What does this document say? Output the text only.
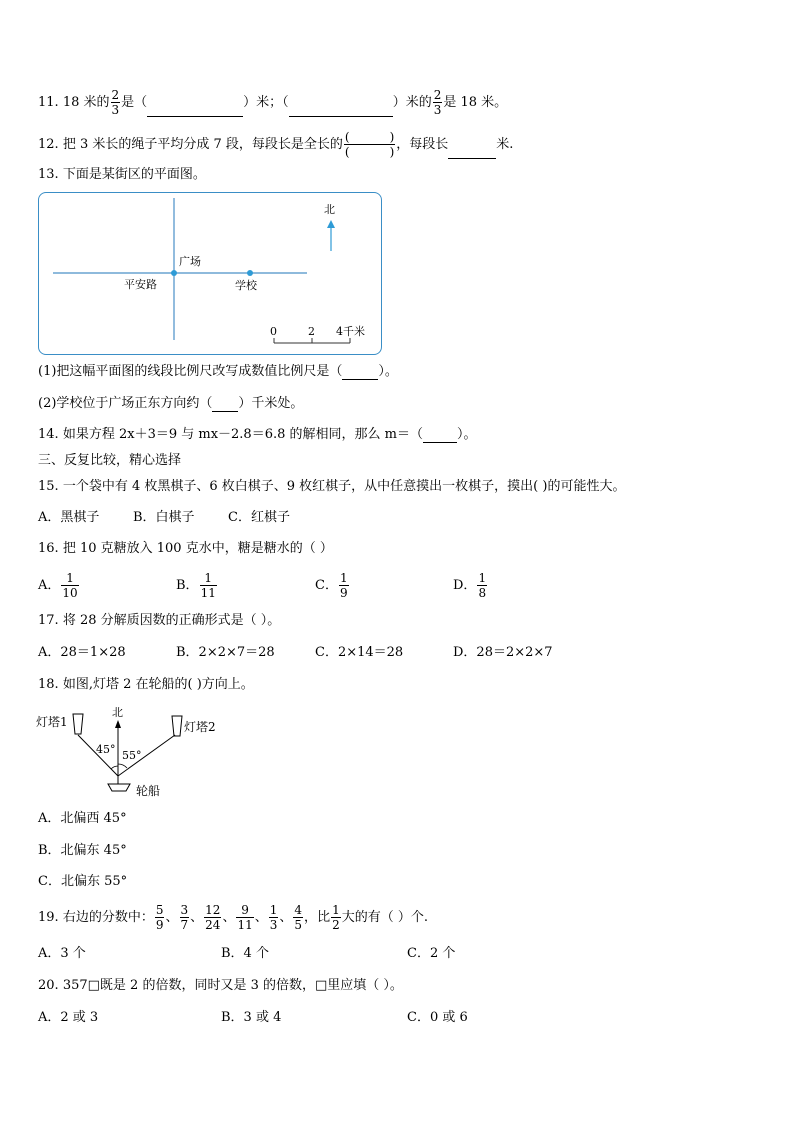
11. 18 米的 $\frac{2}{3}$ 是（	）米；（	）米的 $\frac{2}{3}$ 是 18 米。
12. 把 3 米长的绳子平均分成 7 段，每段长是全长的 (	)
(	) ，每段长	米.
13. 下面是某街区的平面图。
广场
平安路	学校
北
0	2 4千米
(1)把这幅平面图的线段比例尺改写成数值比例尺是（	）。
(2)学校位于广场正东方向约（ ）千米处。
14. 如果方程 2x＋3＝9 与 mx－2.8＝6.8 的解相同，那么 m＝（	）。
三、反复比较，精心选择
15. 一个袋中有 4 枚黑棋子、6 枚白棋子、9 枚红棋子，从中任意摸出一枚棋子，摸出( )的可能性大。
A．黑棋子	B．白棋子	C．红棋子
16. 把 10 克糖放入 100 克水中，糖是糖水的（ ）
A． $\frac{1}{10}$	B． $\frac{1}{11}$	C． $\frac{1}{9}$	D． $\frac{1}{8}$
17. 将 28 分解质因数的正确形式是（ ）。
A．28＝1×28	B．2×2×7＝28	C．2×14＝28	D．28＝2×2×7
18. 如图,灯塔 2 在轮船的( )方向上。
灯塔1	灯塔2
北
45° 55°
轮船
A．北偏西 45°
B．北偏东 45°
C．北偏东 55°
19. 右边的分数中： $\frac{5}{9}$ 、 $\frac{3}{7}$ 、 $\frac{12}{24}$ 、 $\frac{9}{11}$ 、 $\frac{1}{3}$ 、 $\frac{4}{5}$ ，比 $\frac{1}{2}$ 大的有（ ）个.
A．3 个	B．4 个	C．2 个
20. 357□既是 2 的倍数，同时又是 3 的倍数，□里应填（ ）。
A．2 或 3	B．3 或 4	C．0 或 6
